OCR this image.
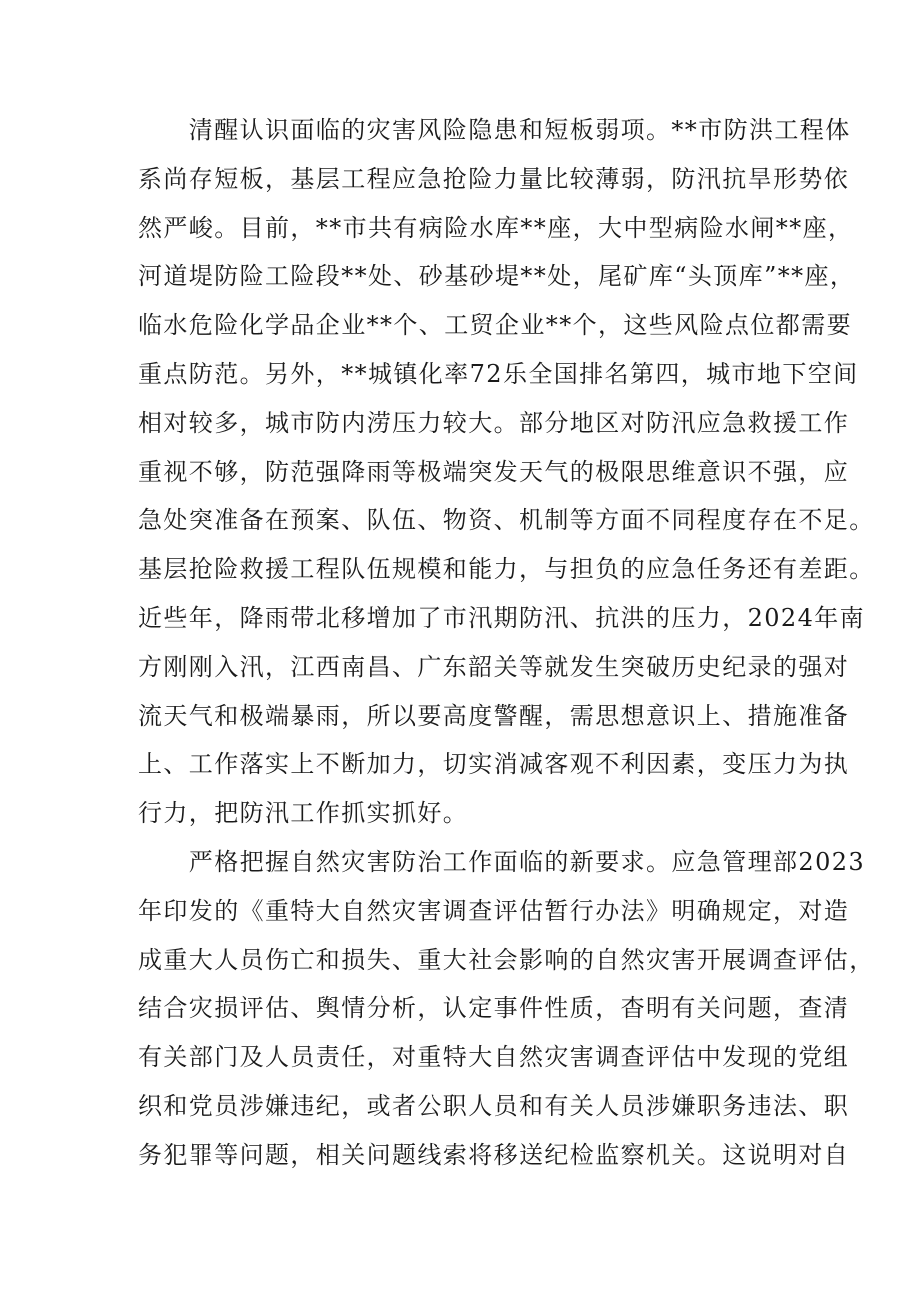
　　清醒认识面临的灾害风险隐患和短板弱项。**市防洪工程体
系尚存短板，基层工程应急抢险力量比较薄弱，防汛抗旱形势依
然严峻。目前，**市共有病险水库**座，大中型病险水闸**座，
河道堤防险工险段**处、砂基砂堤**处，尾矿库“头顶库”**座，
临水危险化学品企业**个、工贸企业**个，这些风险点位都需要
重点防范。另外，**城镇化率72乐全国排名第四，城市地下空间
相对较多，城市防内涝压力较大。部分地区对防汛应急救援工作
重视不够，防范强降雨等极端突发天气的极限思维意识不强，应
急处突准备在预案、队伍、物资、机制等方面不同程度存在不足。
基层抢险救援工程队伍规模和能力，与担负的应急任务还有差距。
近些年，降雨带北移增加了市汛期防汛、抗洪的压力，2024年南
方刚刚入汛，江西南昌、广东韶关等就发生突破历史纪录的强对
流天气和极端暴雨，所以要高度警醒，需思想意识上、措施准备
上、工作落实上不断加力，切实消减客观不利因素，变压力为执
行力，把防汛工作抓实抓好。
　　严格把握自然灾害防治工作面临的新要求。应急管理部2023
年印发的《重特大自然灾害调查评估暂行办法》明确规定，对造
成重大人员伤亡和损失、重大社会影响的自然灾害开展调查评估，
结合灾损评估、舆情分析，认定事件性质，杳明有关问题，查清
有关部门及人员责任，对重特大自然灾害调查评估中发现的党组
织和党员涉嫌违纪，或者公职人员和有关人员涉嫌职务违法、职
务犯罪等问题，相关问题线索将移送纪检监察机关。这说明对自
